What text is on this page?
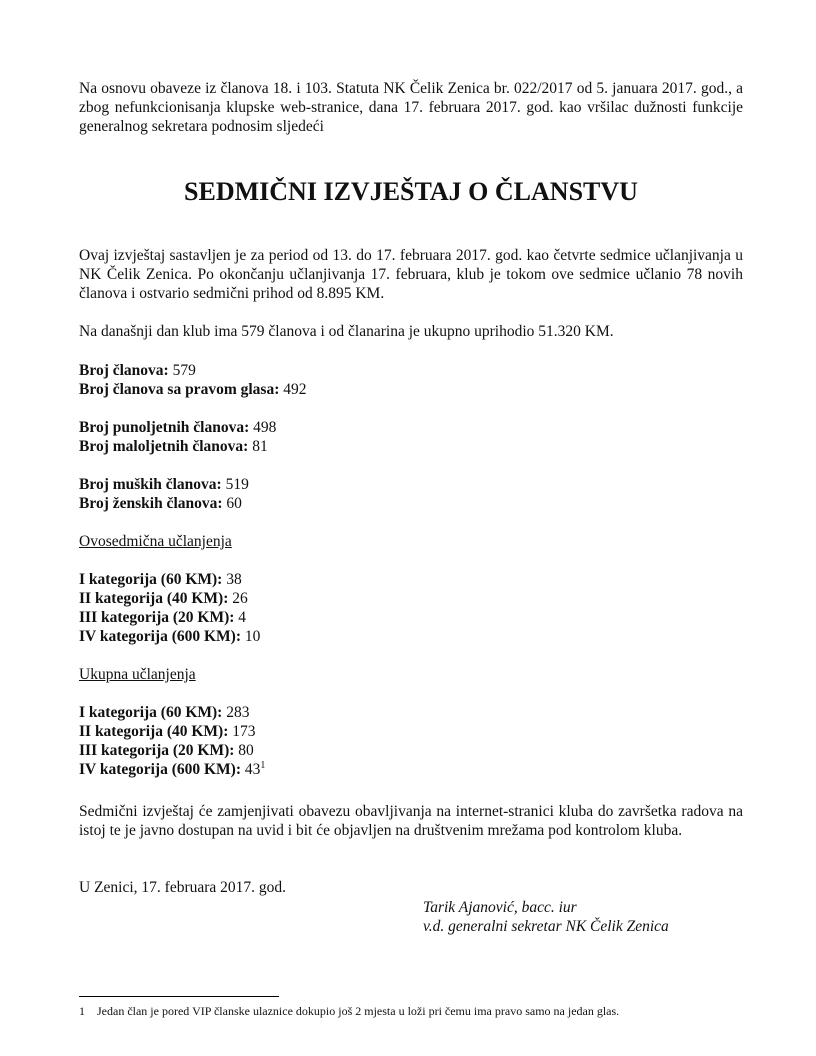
Na osnovu obaveze iz članova 18. i 103. Statuta NK Čelik Zenica br. 022/2017 od 5. januara 2017. god., a zbog nefunkcionisanja klupske web-stranice, dana 17. februara 2017. god. kao vršilac dužnosti funkcije generalnog sekretara podnosim sljedeći

SEDMIČNI IZVJEŠTAJ O ČLANSTVU

Ovaj izvještaj sastavljen je za period od 13. do 17. februara 2017. god. kao četvrte sedmice učlanjivanja u NK Čelik Zenica. Po okončanju učlanjivanja 17. februara, klub je tokom ove sedmice učlanio 78 novih članova i ostvario sedmični prihod od 8.895 KM.

Na današnji dan klub ima 579 članova i od članarina je ukupno uprihodio 51.320 KM.

Broj članova: 579
Broj članova sa pravom glasa: 492
Broj punoljetnih članova: 498
Broj maloljetnih članova: 81
Broj muških članova: 519
Broj ženskih članova: 60
Ovosedmična učlanjenja
I kategorija (60 KM): 38
II kategorija (40 KM): 26
III kategorija (20 KM): 4
IV kategorija (600 KM): 10
Ukupna učlanjenja
I kategorija (60 KM): 283
II kategorija (40 KM): 173
III kategorija (20 KM): 80
IV kategorija (600 KM): $43^1$

Sedmični izvještaj će zamjenjivati obavezu obavljivanja na internet-stranici kluba do završetka radova na istoj te je javno dostupan na uvid i bit će objavljen na društvenim mrežama pod kontrolom kluba.

U Zenici, 17. februara 2017. god.
Tarik Ajanović, bacc. iur
v.d. generalni sekretar NK Čelik Zenica
1 Jedan član je pored VIP članske ulaznice dokupio još 2 mjesta u loži pri čemu ima pravo samo na jedan glas.
